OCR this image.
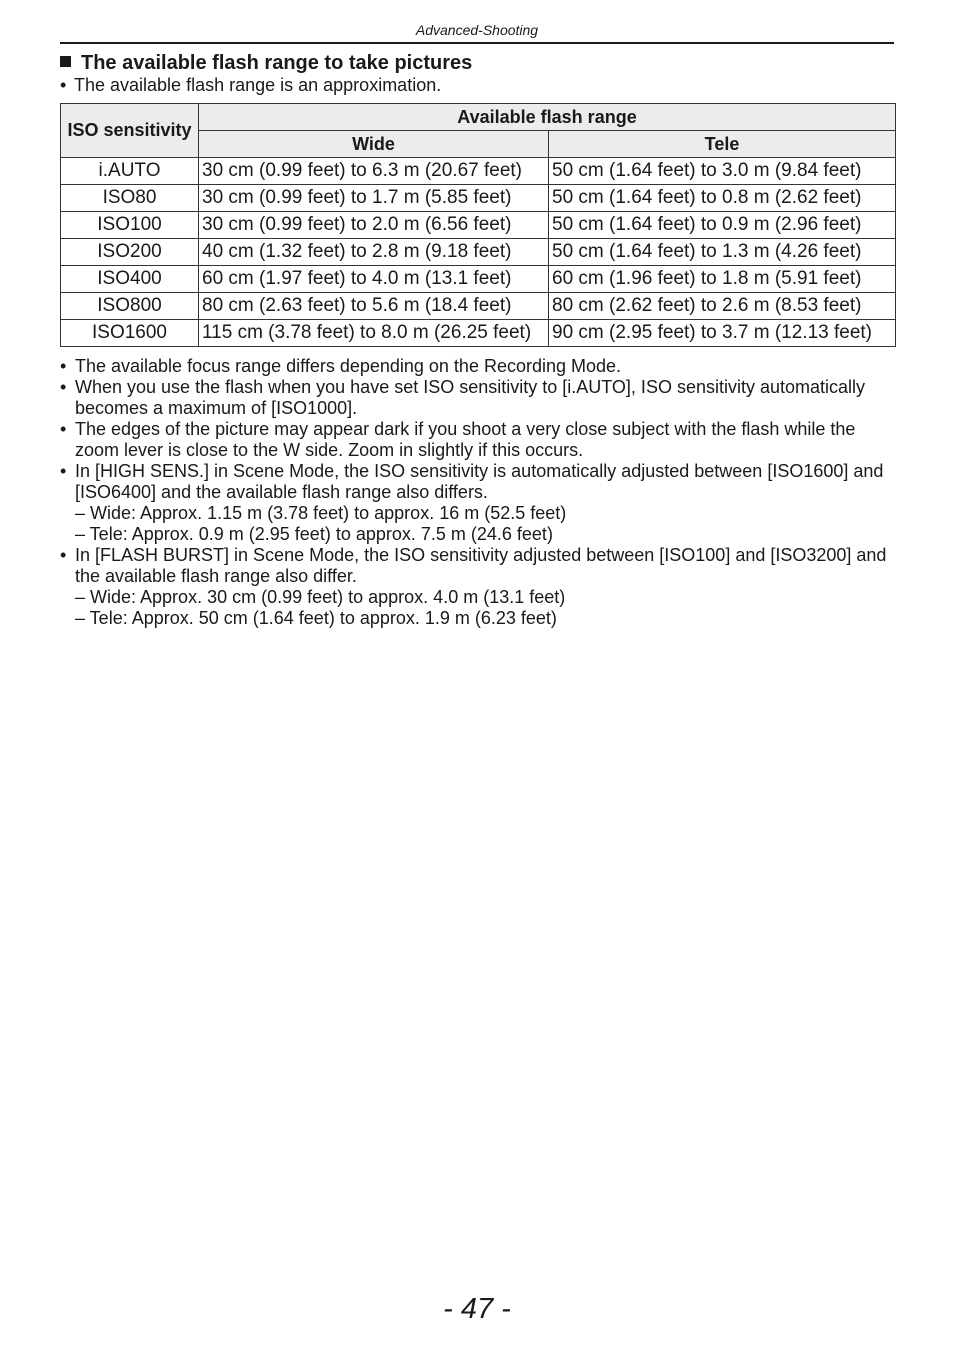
Advanced-Shooting
The available flash range to take pictures
• The available flash range is an approximation.
ISO sensitivity	Available flash range	
	Wide	Tele
i.AUTO	30 cm (0.99 feet) to 6.3 m (20.67 feet)	50 cm (1.64 feet) to 3.0 m (9.84 feet)
ISO80	30 cm (0.99 feet) to 1.7 m (5.85 feet)	50 cm (1.64 feet) to 0.8 m (2.62 feet)
ISO100	30 cm (0.99 feet) to 2.0 m (6.56 feet)	50 cm (1.64 feet) to 0.9 m (2.96 feet)
ISO200	40 cm (1.32 feet) to 2.8 m (9.18 feet)	50 cm (1.64 feet) to 1.3 m (4.26 feet)
ISO400	60 cm (1.97 feet) to 4.0 m (13.1 feet)	60 cm (1.96 feet) to 1.8 m (5.91 feet)
ISO800	80 cm (2.63 feet) to 5.6 m (18.4 feet)	80 cm (2.62 feet) to 2.6 m (8.53 feet)
ISO1600	115 cm (3.78 feet) to 8.0 m (26.25 feet)	90 cm (2.95 feet) to 3.7 m (12.13 feet)
• The available focus range differs depending on the Recording Mode.
• When you use the flash when you have set ISO sensitivity to [i.AUTO], ISO sensitivity automatically becomes a maximum of [ISO1000].
• The edges of the picture may appear dark if you shoot a very close subject with the flash while the zoom lever is close to the W side. Zoom in slightly if this occurs.
• In [HIGH SENS.] in Scene Mode, the ISO sensitivity is automatically adjusted between [ISO1600] and [ISO6400] and the available flash range also differs.
– Wide: Approx. 1.15 m (3.78 feet) to approx. 16 m (52.5 feet)
– Tele: Approx. 0.9 m (2.95 feet) to approx. 7.5 m (24.6 feet)
• In [FLASH BURST] in Scene Mode, the ISO sensitivity adjusted between [ISO100] and [ISO3200] and the available flash range also differ.
– Wide: Approx. 30 cm (0.99 feet) to approx. 4.0 m (13.1 feet)
– Tele: Approx. 50 cm (1.64 feet) to approx. 1.9 m (6.23 feet)
- 47 -
